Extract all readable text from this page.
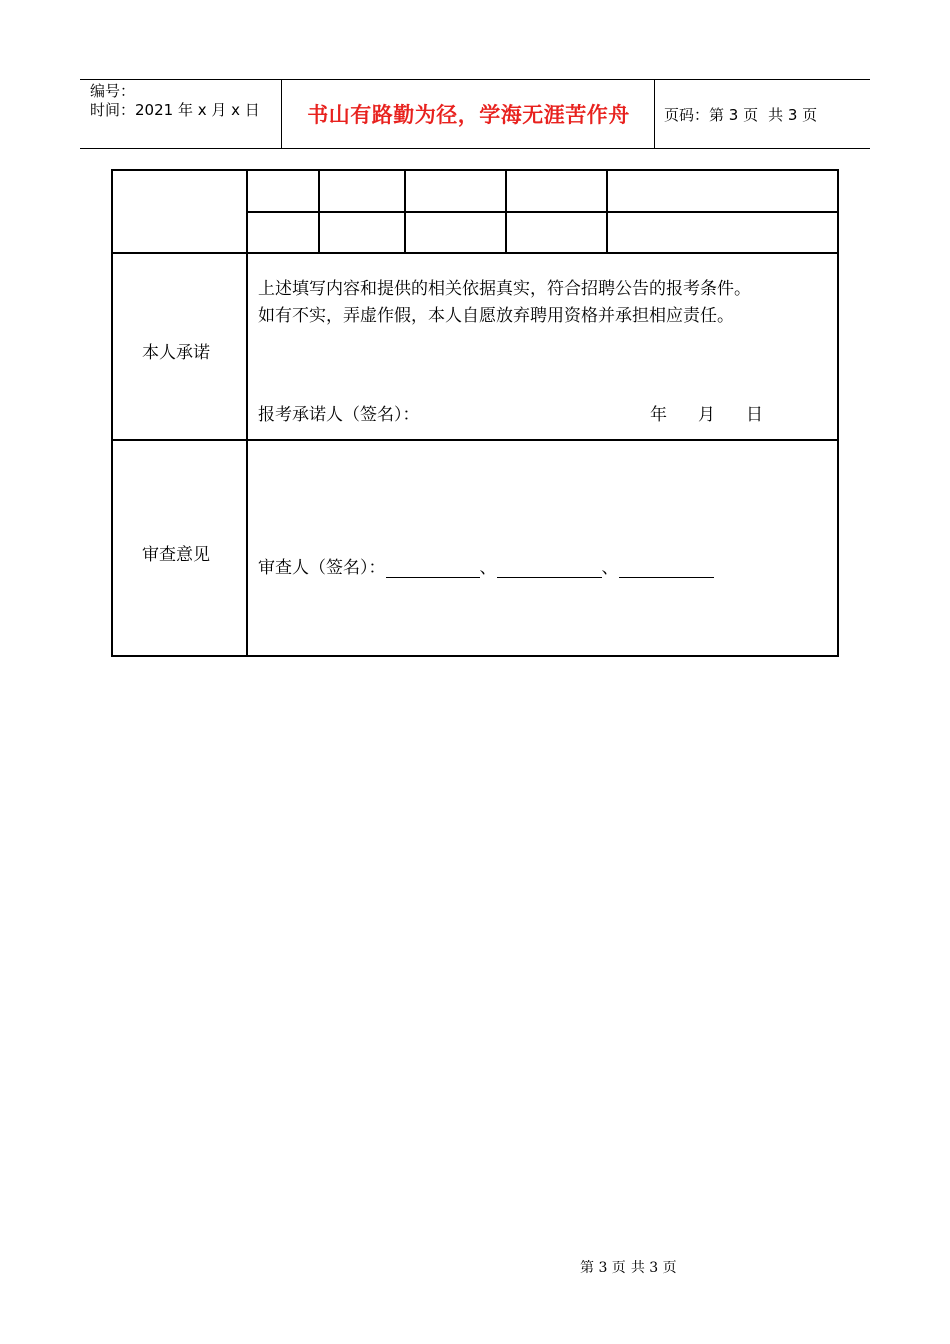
编号：
时间：2021 年 x 月 x 日	书山有路勤为径，学海无涯苦作舟	页码：第 3 页 共 3 页
本人承诺
上述填写内容和提供的相关依据真实，符合招聘公告的报考条件。
如有不实，弄虚作假，本人自愿放弃聘用资格并承担相应责任。
报考承诺人（签名）：	年 月 日
审查意见
审查人（签名）：	、	、
第 3 页 共 3 页
